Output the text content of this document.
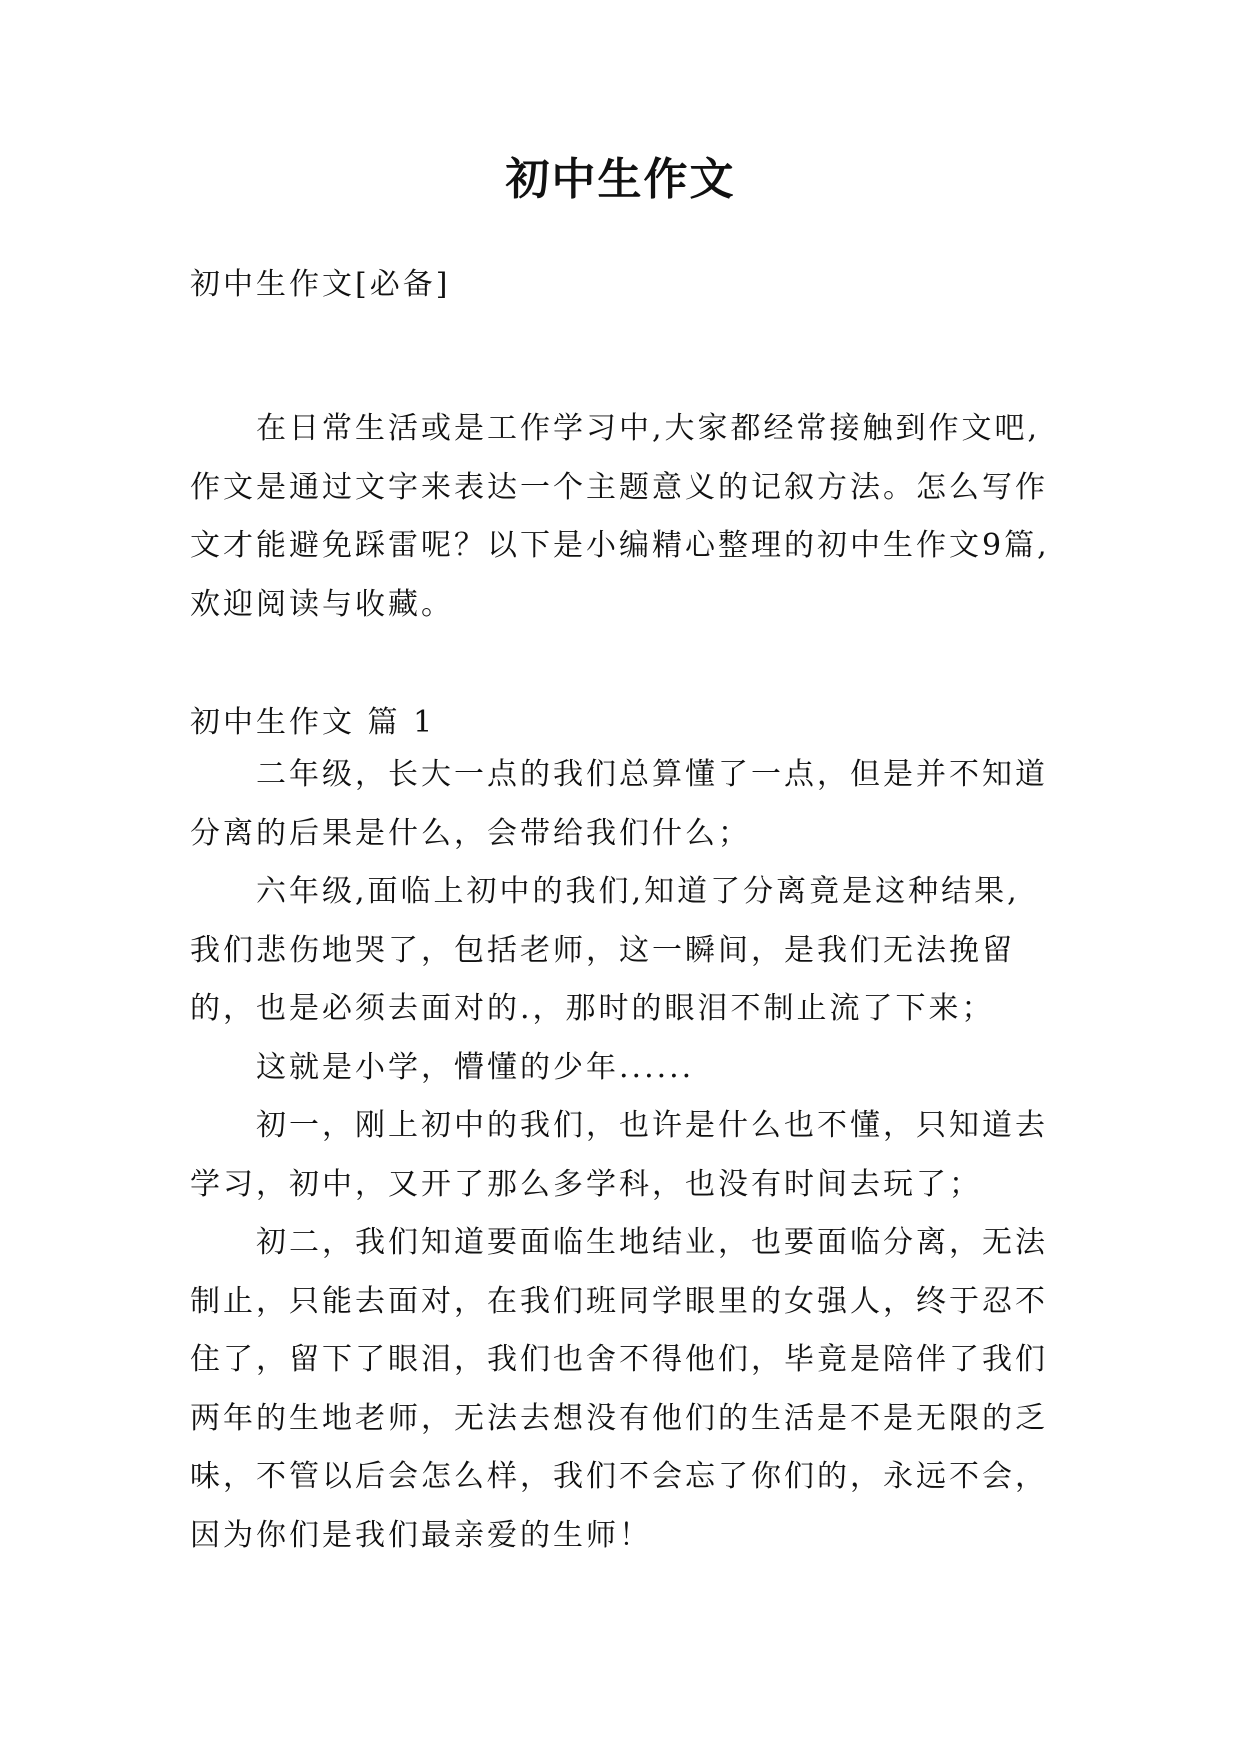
初中生作文
初中生作文[必备]
在日常生活或是工作学习中,大家都经常接触到作文吧,
作文是通过文字来表达一个主题意义的记叙方法。怎么写作
文才能避免踩雷呢？以下是小编精心整理的初中生作文9篇,
欢迎阅读与收藏。
初中生作文 篇 1
二年级，长大一点的我们总算懂了一点，但是并不知道
分离的后果是什么，会带给我们什么；
六年级,面临上初中的我们,知道了分离竟是这种结果,
我们悲伤地哭了，包括老师，这一瞬间，是我们无法挽留
的，也是必须去面对的.，那时的眼泪不制止流了下来；
这就是小学，懵懂的少年......
初一，刚上初中的我们，也许是什么也不懂，只知道去
学习，初中，又开了那么多学科，也没有时间去玩了；
初二，我们知道要面临生地结业，也要面临分离，无法
制止，只能去面对，在我们班同学眼里的女强人，终于忍不
住了，留下了眼泪，我们也舍不得他们，毕竟是陪伴了我们
两年的生地老师，无法去想没有他们的生活是不是无限的乏
味，不管以后会怎么样，我们不会忘了你们的，永远不会，
因为你们是我们最亲爱的生师！
